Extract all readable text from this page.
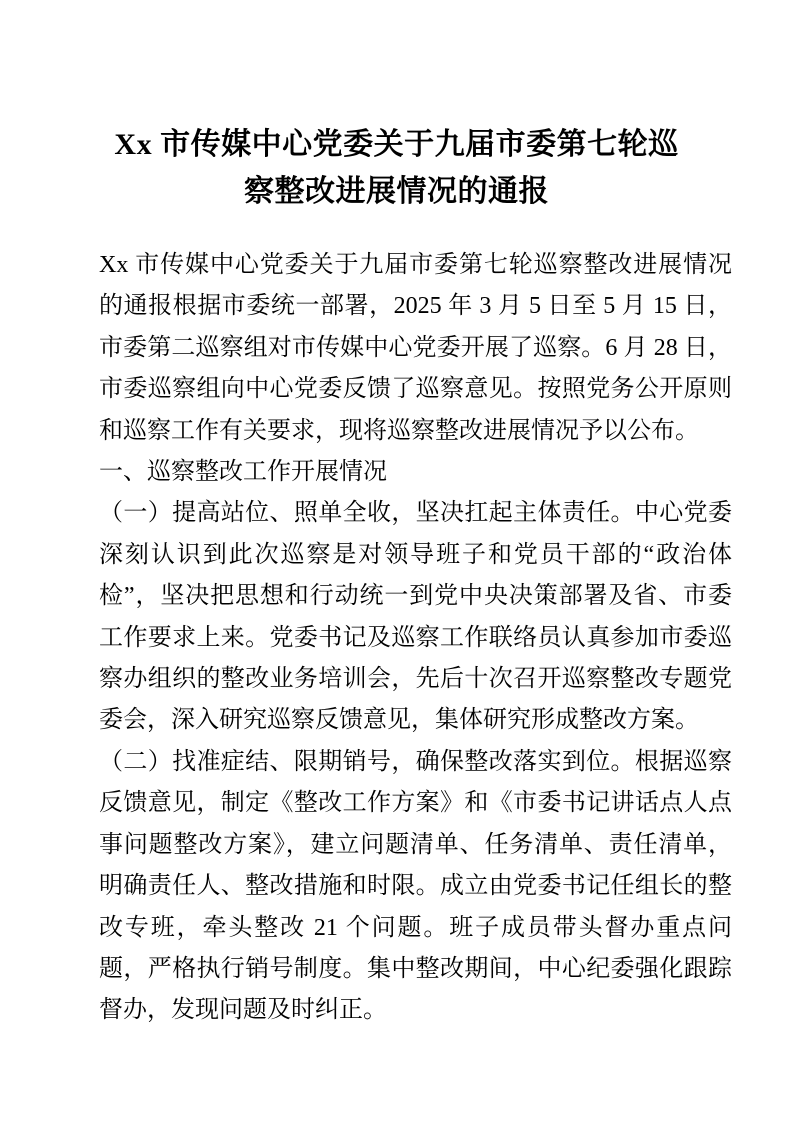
Xx 市传媒中心党委关于九届市委第七轮巡察整改进展情况的通报

Xx 市传媒中心党委关于九届市委第七轮巡察整改进展情况的通报根据市委统一部署，2025 年 3 月 5 日至 5 月 15 日，市委第二巡察组对市传媒中心党委开展了巡察。6 月 28 日，市委巡察组向中心党委反馈了巡察意见。按照党务公开原则和巡察工作有关要求，现将巡察整改进展情况予以公布。

一、巡察整改工作开展情况

（一）提高站位、照单全收，坚决扛起主体责任。中心党委深刻认识到此次巡察是对领导班子和党员干部的“政治体检”，坚决把思想和行动统一到党中央决策部署及省、市委工作要求上来。党委书记及巡察工作联络员认真参加市委巡察办组织的整改业务培训会，先后十次召开巡察整改专题党委会，深入研究巡察反馈意见，集体研究形成整改方案。

（二）找准症结、限期销号，确保整改落实到位。根据巡察反馈意见，制定《整改工作方案》和《市委书记讲话点人点事问题整改方案》，建立问题清单、任务清单、责任清单，明确责任人、整改措施和时限。成立由党委书记任组长的整改专班，牵头整改 21 个问题。班子成员带头督办重点问题，严格执行销号制度。集中整改期间，中心纪委强化跟踪督办，发现问题及时纠正。
